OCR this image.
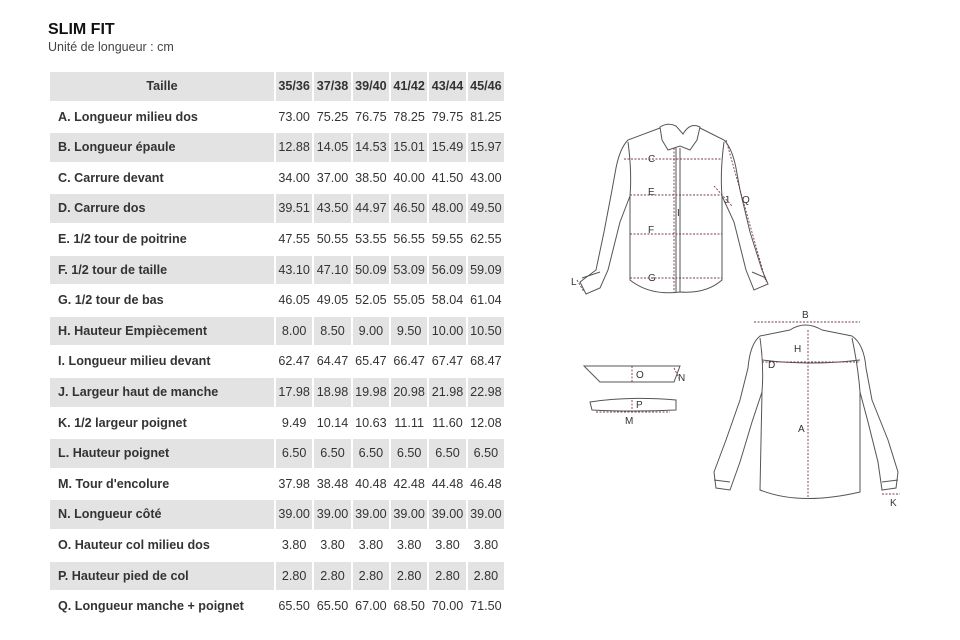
SLIM FIT
Unité de longueur : cm
Taille	35/36	37/38	39/40	41/42	43/44	45/46
A. Longueur milieu dos	73.00	75.25	76.75	78.25	79.75	81.25
B. Longueur épaule	12.88	14.05	14.53	15.01	15.49	15.97
C. Carrure devant	34.00	37.00	38.50	40.00	41.50	43.00
D. Carrure dos	39.51	43.50	44.97	46.50	48.00	49.50
E. 1/2 tour de poitrine	47.55	50.55	53.55	56.55	59.55	62.55
F. 1/2 tour de taille	43.10	47.10	50.09	53.09	56.09	59.09
G. 1/2 tour de bas	46.05	49.05	52.05	55.05	58.04	61.04
H. Hauteur Empiècement	8.00	8.50	9.00	9.50	10.00	10.50
I. Longueur milieu devant	62.47	64.47	65.47	66.47	67.47	68.47
J. Largeur haut de manche	17.98	18.98	19.98	20.98	21.98	22.98
K. 1/2 largeur poignet	9.49	10.14	10.63	11.11	11.60	12.08
L. Hauteur poignet	6.50	6.50	6.50	6.50	6.50	6.50
M. Tour d'encolure	37.98	38.48	40.48	42.48	44.48	46.48
N. Longueur côté	39.00	39.00	39.00	39.00	39.00	39.00
O. Hauteur col milieu dos	3.80	3.80	3.80	3.80	3.80	3.80
P. Hauteur pied de col	2.80	2.80	2.80	2.80	2.80	2.80
Q. Longueur manche + poignet	65.50	65.50	67.00	68.50	70.00	71.50
C
E
F
G
I
J Q
L
B
H
D
A
K
O	N
P
M
